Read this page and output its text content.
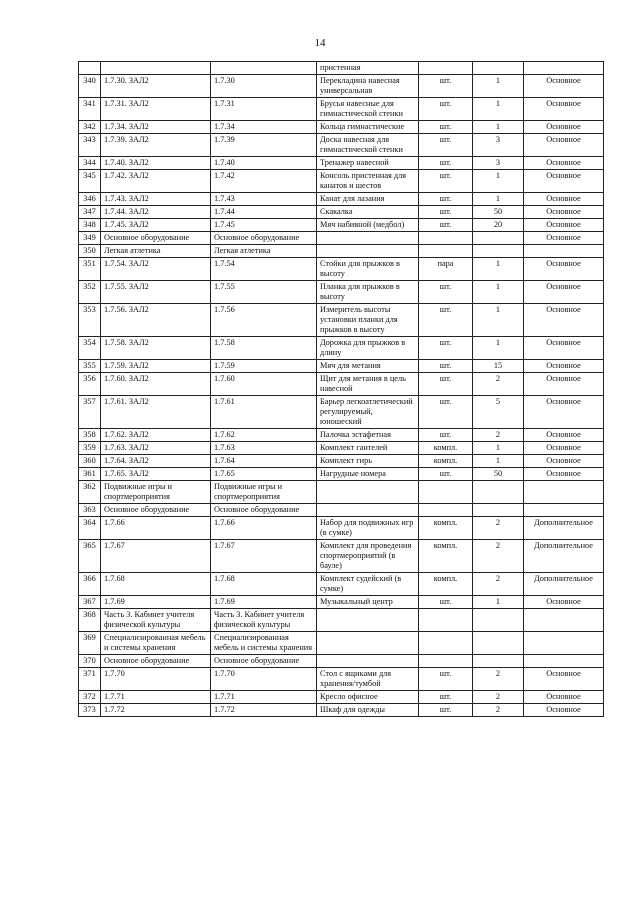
14
			пристенная			
340	1.7.30. ЗАЛ2	1.7.30	Перекладина навесная универсальная	шт.	1	Основное
341	1.7.31. ЗАЛ2	1.7.31	Брусья навесные для гимнастической стенки	шт.	1	Основное
342	1.7.34. ЗАЛ2	1.7.34	Кольца гимнастические	шт.	1	Основное
343	1.7.39. ЗАЛ2	1.7.39	Доска навесная для гимнастической стенки	шт.	3	Основное
344	1.7.40. ЗАЛ2	1.7.40	Тренажер навесной	шт.	3	Основное
345	1.7.42. ЗАЛ2	1.7.42	Консоль пристенная для канатов и шестов	шт.	1	Основное
346	1.7.43. ЗАЛ2	1.7.43	Канат для лазания	шт.	1	Основное
347	1.7.44. ЗАЛ2	1.7.44	Скакалка	шт.	50	Основное
348	1.7.45. ЗАЛ2	1.7.45	Мяч набивной (медбол)	шт.	20	Основное
349	Основное оборудование	Основное оборудование				Основное
350	Легкая атлетика	Легкая атлетика				
351	1.7.54. ЗАЛ2	1.7.54	Стойки для прыжков в высоту	пара	1	Основное
352	1.7.55. ЗАЛ2	1.7.55	Планка для прыжков в высоту	шт.	1	Основное
353	1.7.56. ЗАЛ2	1.7.56	Измеритель высоты установки планки для прыжков в высоту	шт.	1	Основное
354	1.7.58. ЗАЛ2	1.7.58	Дорожка для прыжков в длину	шт.	1	Основное
355	1.7.59. ЗАЛ2	1.7.59	Мяч для метания	шт.	15	Основное
356	1.7.60. ЗАЛ2	1.7.60	Щит для метания в цель навесной	шт.	2	Основное
357	1.7.61. ЗАЛ2	1.7.61	Барьер легкоатлетический регулируемый, юношеский	шт.	5	Основное
358	1.7.62. ЗАЛ2	1.7.62	Палочка эстафетная	шт.	2	Основное
359	1.7.63. ЗАЛ2	1.7.63	Комплект гантелей	компл.	1	Основное
360	1.7.64. ЗАЛ2	1.7.64	Комплект гирь	компл.	1	Основное
361	1.7.65. ЗАЛ2	1.7.65	Нагрудные номера	шт.	50	Основное
362	Подвижные игры и спортмероприятия	Подвижные игры и спортмероприятия				
363	Основное оборудование	Основное оборудование				
364	1.7.66	1.7.66	Набор для подвижных игр (в сумке)	компл.	2	Дополнительное
365	1.7.67	1.7.67	Комплект для проведения спортмероприятий (в бауле)	компл.	2	Дополнительное
366	1.7.68	1.7.68	Комплект судейский (в сумке)	компл.	2	Дополнительное
367	1.7.69	1.7.69	Музыкальный центр	шт.	1	Основное
368	Часть 3. Кабинет учителя физической культуры	Часть 3. Кабинет учителя физической культуры				
369	Специализированная мебель и системы хранения	Специализированная мебель и системы хранения				
370	Основное оборудование	Основное оборудование				
371	1.7.70	1.7.70	Стол с ящиками для хранения/тумбой	шт.	2	Основное
372	1.7.71	1.7.71	Кресло офисное	шт.	2	Основное
373	1.7.72	1.7.72	Шкаф для одежды	шт.	2	Основное
